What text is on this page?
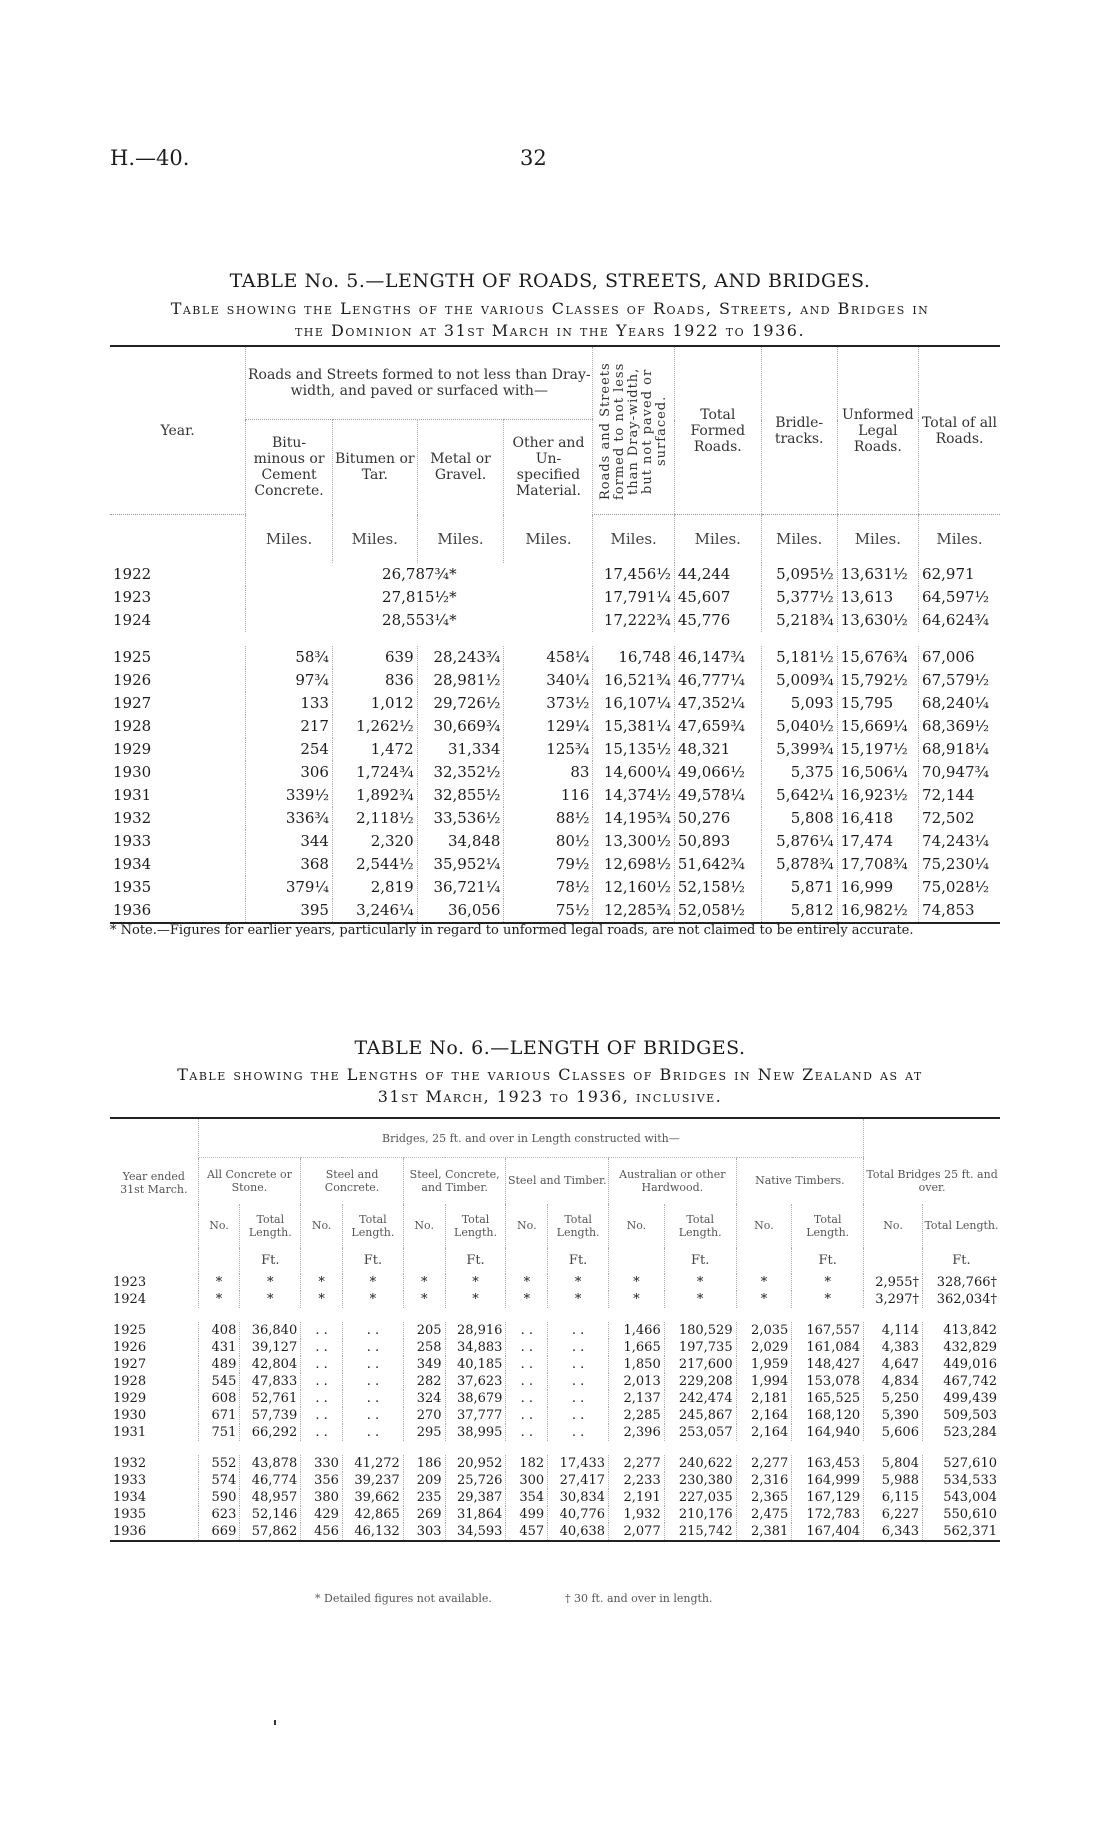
H.—40.	32
TABLE No. 5.—LENGTH OF ROADS, STREETS, AND BRIDGES.
Table showing the Lengths of the various Classes of Roads, Streets, and Bridges in
the Dominion at 31st March in the Years 1922 to 1936.
Year.	Roads and Streets formed to not less than Dray-width, and paved or surfaced with—				Roads and Streets formed to not less than Dray-width, but not paved or surfaced.	Total Formed Roads.	Bridle-tracks.	Unformed Legal Roads.	Total of all Roads.
	Bitu-minous or Cement Concrete.	Bitumen or Tar.	Metal or Gravel.	Other and Un-specified Material.					
	Miles.	Miles.	Miles.	Miles.	Miles.	Miles.	Miles.	Miles.	Miles.
1922	26,787¾*				17,456½	44,244	5,095½	13,631½	62,971
1923	27,815½*				17,791¼	45,607	5,377½	13,613	64,597½
1924	28,553¼*				17,222¾	45,776	5,218¾	13,630½	64,624¾

1925	58¾	639	28,243¾	458¼	16,748	46,147¾	5,181½	15,676¾	67,006
1926	97¾	836	28,981½	340¼	16,521¾	46,777¼	5,009¾	15,792½	67,579½
1927	133	1,012	29,726½	373½	16,107¼	47,352¼	5,093	15,795	68,240¼
1928	217	1,262½	30,669¾	129¼	15,381¼	47,659¾	5,040½	15,669¼	68,369½
1929	254	1,472	31,334	125¾	15,135½	48,321	5,399¾	15,197½	68,918¼
1930	306	1,724¾	32,352½	83	14,600¼	49,066½	5,375	16,506¼	70,947¾
1931	339½	1,892¾	32,855½	116	14,374½	49,578¼	5,642¼	16,923½	72,144
1932	336¾	2,118½	33,536½	88½	14,195¾	50,276	5,808	16,418	72,502
1933	344	2,320	34,848	80½	13,300½	50,893	5,876¼	17,474	74,243¼
1934	368	2,544½	35,952¼	79½	12,698½	51,642¾	5,878¾	17,708¾	75,230¼
1935	379¼	2,819	36,721¼	78½	12,160½	52,158½	5,871	16,999	75,028½
1936	395	3,246¼	36,056	75½	12,285¾	52,058½	5,812	16,982½	74,853
* Note.—Figures for earlier years, particularly in regard to unformed legal roads, are not claimed to be entirely accurate.
TABLE No. 6.—LENGTH OF BRIDGES.
Table showing the Lengths of the various Classes of Bridges in New Zealand as at
31st March, 1923 to 1936, inclusive.
Year ended 31st March.	Bridges, 25 ft. and over in Length constructed with—													
	All Concrete or Stone.		Steel and Concrete.		Steel, Concrete, and Timber.		Steel and Timber.		Australian or other Hardwood.		Native Timbers.		Total Bridges 25 ft. and over.	
	No.	Total Length.	No.	Total Length.	No.	Total Length.	No.	Total Length.	No.	Total Length.	No.	Total Length.	No.	Total Length.
		Ft.		Ft.		Ft.		Ft.		Ft.		Ft.		Ft.
1923	*	*	*	*	*	*	*	*	*	*	*	*	2,955†	328,766†
1924	*	*	*	*	*	*	*	*	*	*	*	*	3,297†	362,034†

1925	408	36,840	. .	. .	205	28,916	. .	. .	1,466	180,529	2,035	167,557	4,114	413,842
1926	431	39,127	. .	. .	258	34,883	. .	. .	1,665	197,735	2,029	161,084	4,383	432,829
1927	489	42,804	. .	. .	349	40,185	. .	. .	1,850	217,600	1,959	148,427	4,647	449,016
1928	545	47,833	. .	. .	282	37,623	. .	. .	2,013	229,208	1,994	153,078	4,834	467,742
1929	608	52,761	. .	. .	324	38,679	. .	. .	2,137	242,474	2,181	165,525	5,250	499,439
1930	671	57,739	. .	. .	270	37,777	. .	. .	2,285	245,867	2,164	168,120	5,390	509,503
1931	751	66,292	. .	. .	295	38,995	. .	. .	2,396	253,057	2,164	164,940	5,606	523,284

1932	552	43,878	330	41,272	186	20,952	182	17,433	2,277	240,622	2,277	163,453	5,804	527,610
1933	574	46,774	356	39,237	209	25,726	300	27,417	2,233	230,380	2,316	164,999	5,988	534,533
1934	590	48,957	380	39,662	235	29,387	354	30,834	2,191	227,035	2,365	167,129	6,115	543,004
1935	623	52,146	429	42,865	269	31,864	499	40,776	1,932	210,176	2,475	172,783	6,227	550,610
1936	669	57,862	456	46,132	303	34,593	457	40,638	2,077	215,742	2,381	167,404	6,343	562,371
* Detailed figures not available.	† 30 ft. and over in length.
